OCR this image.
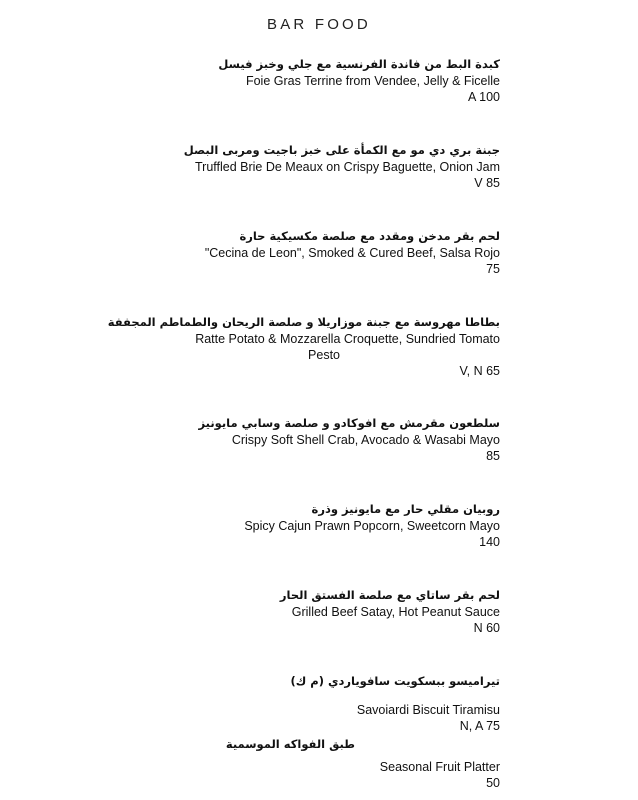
BAR FOOD
كبدة البط من فاندة الفرنسية مع جلي وخبز فيسل
Foie Gras Terrine from Vendee, Jelly & Ficelle
A 100
جبنة بري دي مو مع الكمأة على خبز باجيت ومربى البصل
Truffled Brie De Meaux on Crispy Baguette, Onion Jam
V 85
لحم بقر مدخن ومقدد مع صلصة مكسيكية حارة
"Cecina de Leon", Smoked & Cured Beef, Salsa Rojo
75
بطاطا مهروسة مع جبنة موزاريلا و صلصة الريحان والطماطم المجففة
Ratte Potato & Mozzarella Croquette, Sundried Tomato
Pesto
V, N 65
سلطعون مقرمش مع افوكادو و صلصة وسابي مايونيز
Crispy Soft Shell Crab, Avocado & Wasabi Mayo
85
روبيان مقلي حار مع مايونيز وذرة
Spicy Cajun Prawn Popcorn, Sweetcorn Mayo
140
لحم بقر ساتاي مع صلصة الفستق الحار
Grilled Beef Satay, Hot Peanut Sauce
N 60
تيراميسو ببسكويت سافوياردي (م ك)
Savoiardi Biscuit Tiramisu
N, A 75
طبق الفواكه الموسمية
Seasonal Fruit Platter
50
